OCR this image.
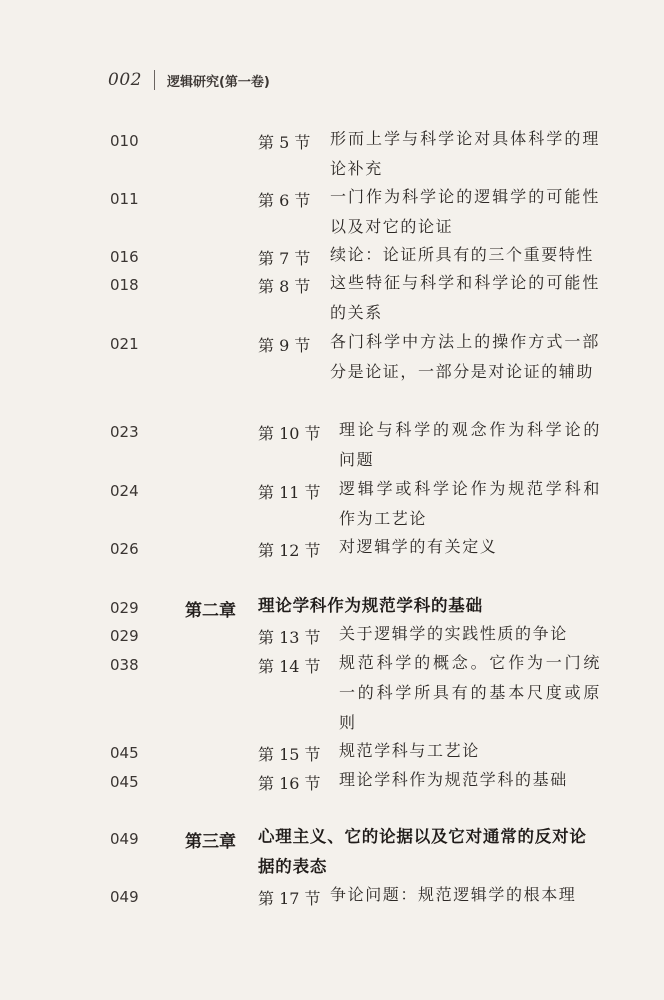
002 逻辑研究(第一卷)
010	第 5 节 形而上学与科学论对具体科学的理论补充
011	第 6 节 一门作为科学论的逻辑学的可能性以及对它的论证
016	第 7 节 续论：论证所具有的三个重要特性
018	第 8 节 这些特征与科学和科学论的可能性的关系
021	第 9 节 各门科学中方法上的操作方式一部分是论证，一部分是对论证的辅助
023	第 10 节 理论与科学的观念作为科学论的问题
024	第 11 节 逻辑学或科学论作为规范学科和作为工艺论
026	第 12 节 对逻辑学的有关定义
029	第二章 理论学科作为规范学科的基础
029	第 13 节 关于逻辑学的实践性质的争论
038	第 14 节 规范科学的概念。它作为一门统一的科学所具有的基本尺度或原则
045	第 15 节 规范学科与工艺论
045	第 16 节 理论学科作为规范学科的基础
049	第三章 心理主义、它的论据以及它对通常的反对论据的表态
049	第 17 节 争论问题：规范逻辑学的根本理
